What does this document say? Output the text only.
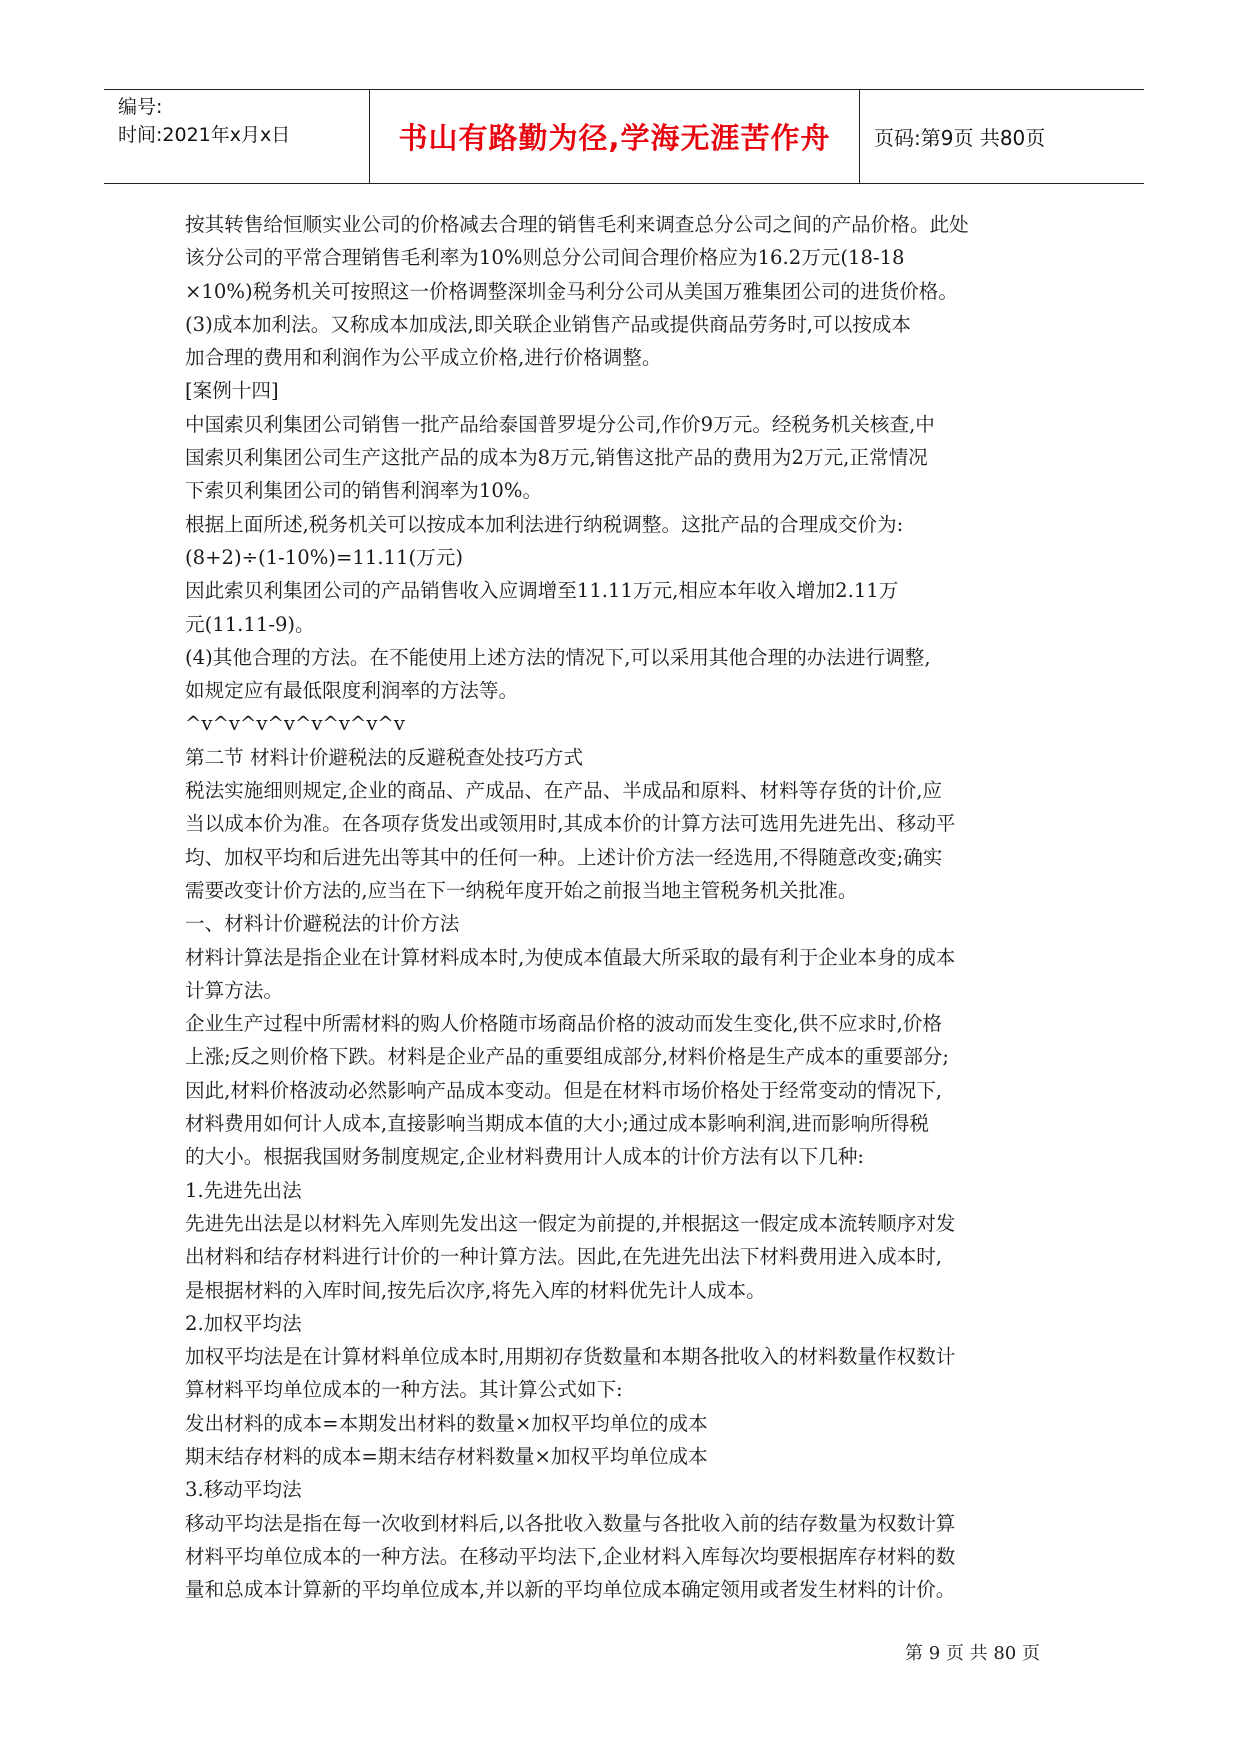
编号:
时间:2021年x月x日	书山有路勤为径,学海无涯苦作舟	页码:第9页 共80页
按其转售给恒顺实业公司的价格减去合理的销售毛利来调查总分公司之间的产品价格。此处
该分公司的平常合理销售毛利率为10%则总分公司间合理价格应为16.2万元(18-18
×10%)税务机关可按照这一价格调整深圳金马利分公司从美国万雅集团公司的进货价格。
(3)成本加利法。又称成本加成法,即关联企业销售产品或提供商品劳务时,可以按成本
加合理的费用和利润作为公平成立价格,进行价格调整。
[案例十四]
中国索贝利集团公司销售一批产品给泰国普罗堤分公司,作价9万元。经税务机关核查,中
国索贝利集团公司生产这批产品的成本为8万元,销售这批产品的费用为2万元,正常情况
下索贝利集团公司的销售利润率为10%。
根据上面所述,税务机关可以按成本加利法进行纳税调整。这批产品的合理成交价为:
(8+2)÷(1-10%)=11.11(万元)
因此索贝利集团公司的产品销售收入应调增至11.11万元,相应本年收入增加2.11万
元(11.11-9)。
(4)其他合理的方法。在不能使用上述方法的情况下,可以采用其他合理的办法进行调整,
如规定应有最低限度利润率的方法等。
^v^v^v^v^v^v^v^v
第二节 材料计价避税法的反避税查处技巧方式
税法实施细则规定,企业的商品、产成品、在产品、半成品和原料、材料等存货的计价,应
当以成本价为准。在各项存货发出或领用时,其成本价的计算方法可选用先进先出、移动平
均、加权平均和后进先出等其中的任何一种。上述计价方法一经选用,不得随意改变;确实
需要改变计价方法的,应当在下一纳税年度开始之前报当地主管税务机关批准。
一、材料计价避税法的计价方法
材料计算法是指企业在计算材料成本时,为使成本值最大所采取的最有利于企业本身的成本
计算方法。
企业生产过程中所需材料的购人价格随市场商品价格的波动而发生变化,供不应求时,价格
上涨;反之则价格下跌。材料是企业产品的重要组成部分,材料价格是生产成本的重要部分;
因此,材料价格波动必然影响产品成本变动。但是在材料市场价格处于经常变动的情况下,
材料费用如何计人成本,直接影响当期成本值的大小;通过成本影响利润,进而影响所得税
的大小。根据我国财务制度规定,企业材料费用计人成本的计价方法有以下几种:
1.先进先出法
先进先出法是以材料先入库则先发出这一假定为前提的,并根据这一假定成本流转顺序对发
出材料和结存材料进行计价的一种计算方法。因此,在先进先出法下材料费用进入成本时,
是根据材料的入库时间,按先后次序,将先入库的材料优先计人成本。
2.加权平均法
加权平均法是在计算材料单位成本时,用期初存货数量和本期各批收入的材料数量作权数计
算材料平均单位成本的一种方法。其计算公式如下:
发出材料的成本=本期发出材料的数量×加权平均单位的成本
期末结存材料的成本=期末结存材料数量×加权平均单位成本
3.移动平均法
移动平均法是指在每一次收到材料后,以各批收入数量与各批收入前的结存数量为权数计算
材料平均单位成本的一种方法。在移动平均法下,企业材料入库每次均要根据库存材料的数
量和总成本计算新的平均单位成本,并以新的平均单位成本确定领用或者发生材料的计价。
第 9 页 共 80 页
